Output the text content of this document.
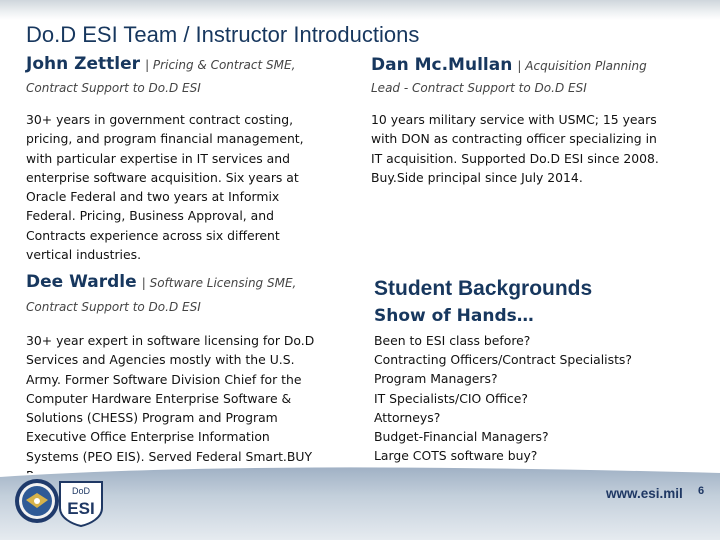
Do.D ESI Team / Instructor Introductions
John Zettler | Pricing & Contract SME,
Contract Support to Do.D ESI
30+ years in government contract costing,
pricing, and program financial management,
with particular expertise in IT services and
enterprise software acquisition. Six years at
Oracle Federal and two years at Informix
Federal. Pricing, Business Approval, and
Contracts experience across six different
vertical industries.
Dan Mc.Mullan | Acquisition Planning
Lead - Contract Support to Do.D ESI
10 years military service with USMC; 15 years
with DON as contracting officer specializing in
IT acquisition. Supported Do.D ESI since 2008.
Buy.Side principal since July 2014.
Dee Wardle | Software Licensing SME,
Contract Support to Do.D ESI
30+ year expert in software licensing for Do.D
Services and Agencies mostly with the U.S.
Army. Former Software Division Chief for the
Computer Hardware Enterprise Software &
Solutions (CHESS) Program and Program
Executive Office Enterprise Information
Systems (PEO EIS). Served Federal Smart.BUY
Student Backgrounds
Show of Hands…
Been to ESI class before?
Contracting Officers/Contract Specialists?
Program Managers?
IT Specialists/CIO Office?
Attorneys?
Budget-Financial Managers?
Large COTS software buy?
DoD
ESI
www.esi.mil 6
